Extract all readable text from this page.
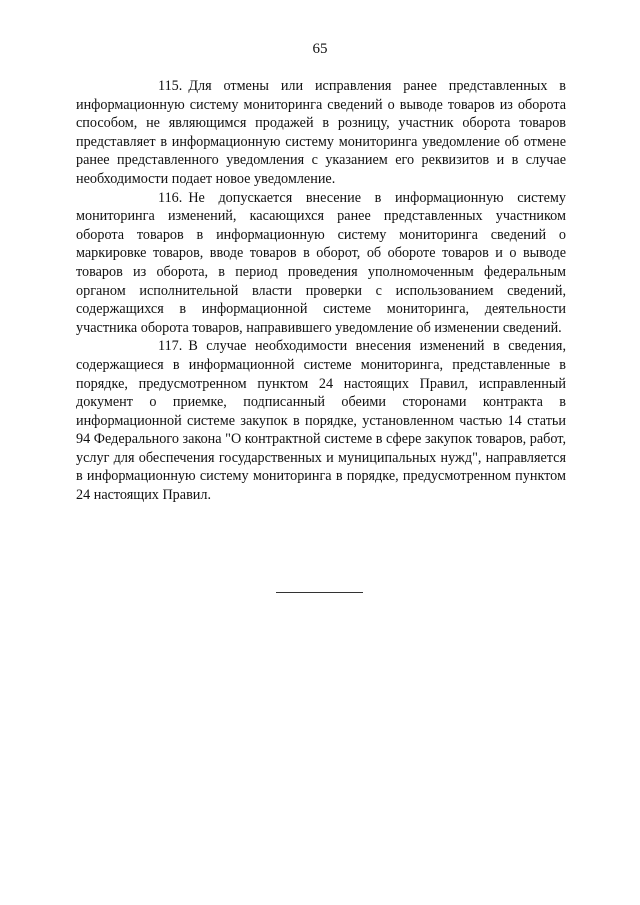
65

115. Для отмены или исправления ранее представленных в информационную систему мониторинга сведений о выводе товаров из оборота способом, не являющимся продажей в розницу, участник оборота товаров представляет в информационную систему мониторинга уведомление об отмене ранее представленного уведомления с указанием его реквизитов и в случае необходимости подает новое уведомление.

116. Не допускается внесение в информационную систему мониторинга изменений, касающихся ранее представленных участником оборота товаров в информационную систему мониторинга сведений о маркировке товаров, вводе товаров в оборот, об обороте товаров и о выводе товаров из оборота, в период проведения уполномоченным федеральным органом исполнительной власти проверки с использованием сведений, содержащихся в информационной системе мониторинга, деятельности участника оборота товаров, направившего уведомление об изменении сведений.

117. В случае необходимости внесения изменений в сведения, содержащиеся в информационной системе мониторинга, представленные в порядке, предусмотренном пунктом 24 настоящих Правил, исправленный документ о приемке, подписанный обеими сторонами контракта в информационной системе закупок в порядке, установленном частью 14 статьи 94 Федерального закона "О контрактной системе в сфере закупок товаров, работ, услуг для обеспечения государственных и муниципальных нужд", направляется в информационную систему мониторинга в порядке, предусмотренном пунктом 24 настоящих Правил.
